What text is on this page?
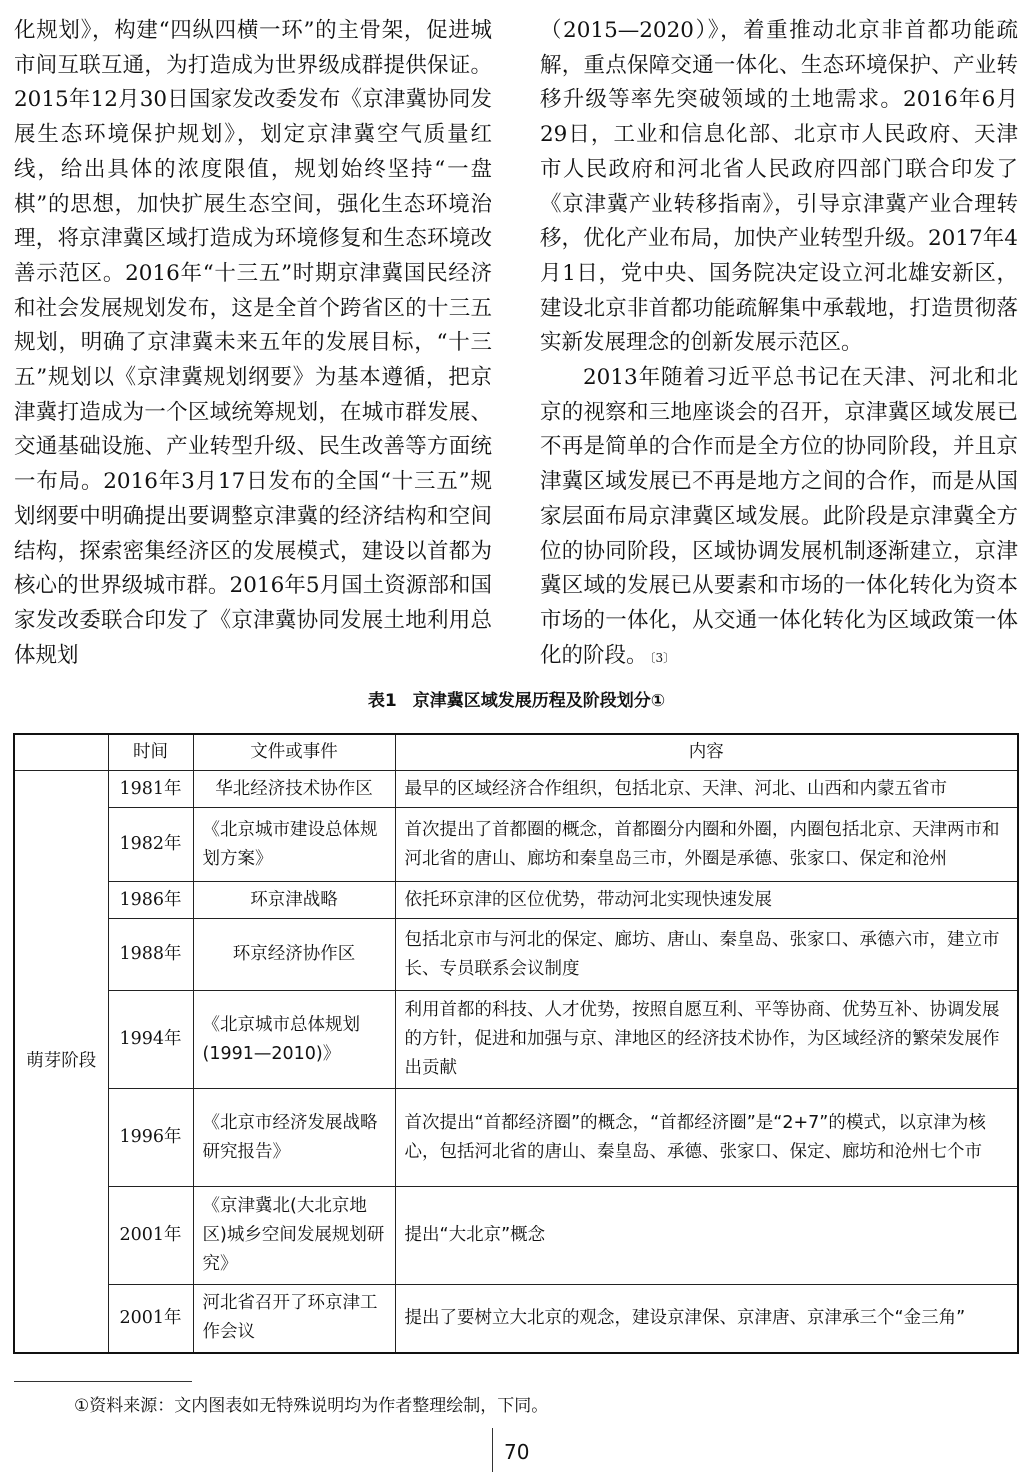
化规划》，构建“四纵四横一环”的主骨架，促进城市间互联互通，为打造成为世界级成群提供保证。2015年12月30日国家发改委发布《京津冀协同发展生态环境保护规划》，划定京津冀空气质量红线，给出具体的浓度限值，规划始终坚持“一盘棋”的思想，加快扩展生态空间，强化生态环境治理，将京津冀区域打造成为环境修复和生态环境改善示范区。2016年“十三五”时期京津冀国民经济和社会发展规划发布，这是全首个跨省区的十三五规划，明确了京津冀未来五年的发展目标，“十三五”规划以《京津冀规划纲要》为基本遵循，把京津冀打造成为一个区域统筹规划，在城市群发展、交通基础设施、产业转型升级、民生改善等方面统一布局。2016年3月17日发布的全国“十三五”规划纲要中明确提出要调整京津冀的经济结构和空间结构，探索密集经济区的发展模式，建设以首都为核心的世界级城市群。2016年5月国土资源部和国家发改委联合印发了《京津冀协同发展土地利用总体规划

（2015—2020）》，着重推动北京非首都功能疏解，重点保障交通一体化、生态环境保护、产业转移升级等率先突破领域的土地需求。2016年6月29日，工业和信息化部、北京市人民政府、天津市人民政府和河北省人民政府四部门联合印发了《京津冀产业转移指南》，引导京津冀产业合理转移，优化产业布局，加快产业转型升级。2017年4月1日，党中央、国务院决定设立河北雄安新区，建设北京非首都功能疏解集中承载地，打造贯彻落实新发展理念的创新发展示范区。

2013年随着习近平总书记在天津、河北和北京的视察和三地座谈会的召开，京津冀区域发展已不再是简单的合作而是全方位的协同阶段，并且京津冀区域发展已不再是地方之间的合作，而是从国家层面布局京津冀区域发展。此阶段是京津冀全方位的协同阶段，区域协调发展机制逐渐建立，京津冀区域的发展已从要素和市场的一体化转化为资本市场的一体化，从交通一体化转化为区域政策一体化的阶段。 〔3〕

表1 京津冀区域发展历程及阶段划分①
	时间	文件或事件	内容
萌芽阶段	1981年	华北经济技术协作区	最早的区域经济合作组织，包括北京、天津、河北、山西和内蒙五省市
	1982年	《北京城市建设总体规划方案》	首次提出了首都圈的概念，首都圈分内圈和外圈，内圈包括北京、天津两市和河北省的唐山、廊坊和秦皇岛三市，外圈是承德、张家口、保定和沧州
	1986年	环京津战略	依托环京津的区位优势，带动河北实现快速发展
	1988年	环京经济协作区	包括北京市与河北的保定、廊坊、唐山、秦皇岛、张家口、承德六市，建立市长、专员联系会议制度
	1994年	《北京城市总体规划(1991—2010)》	利用首都的科技、人才优势，按照自愿互利、平等协商、优势互补、协调发展的方针，促进和加强与京、津地区的经济技术协作，为区域经济的繁荣发展作出贡献
	1996年	《北京市经济发展战略研究报告》	首次提出“首都经济圈”的概念，“首都经济圈”是“2+7”的模式，以京津为核心，包括河北省的唐山、秦皇岛、承德、张家口、保定、廊坊和沧州七个市
	2001年	《京津冀北(大北京地区)城乡空间发展规划研究》	提出“大北京”概念
	2001年	河北省召开了环京津工作会议	提出了要树立大北京的观念，建设京津保、京津唐、京津承三个“金三角”
①资料来源：文内图表如无特殊说明均为作者整理绘制，下同。
70
